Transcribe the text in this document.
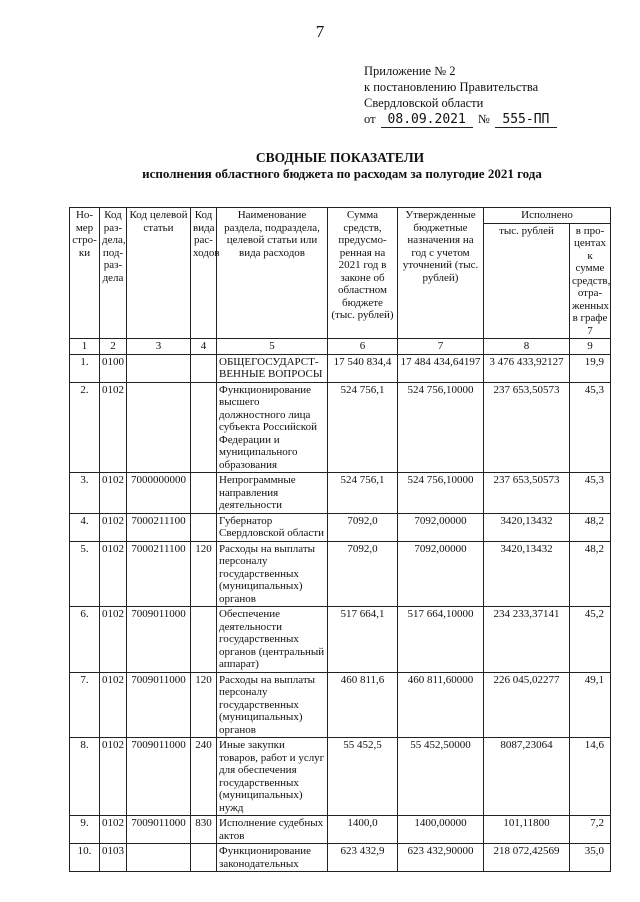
7
Приложение № 2
к постановлению Правительства
Свердловской области
от 08.09.2021 № 555-ПП
СВОДНЫЕ ПОКАЗАТЕЛИ
исполнения областного бюджета по расходам за полугодие 2021 года
Но-мер стро-ки	Код раз-дела, под-раз-дела	Код целевой статьи	Код вида рас-ходов	Наименование раздела, подраздела, целевой статьи или вида расходов	Сумма средств, предусмо-ренная на 2021 год в законе об областном бюджете (тыс. рублей)	Утвержденные бюджетные назначения на год с учетом уточнений (тыс. рублей)	Исполнено	
							тыс. рублей	в про-центах к сумме средств, отра-женных в графе 7
1	2	3	4	5	6	7	8	9
1.	0100			ОБЩЕГОСУДАРСТ-ВЕННЫЕ ВОПРОСЫ	17 540 834,4	17 484 434,64197	3 476 433,92127	19,9
2.	0102			Функционирование высшего должностного лица субъекта Российской Федерации и муниципального образования	524 756,1	524 756,10000	237 653,50573	45,3
3.	0102	7000000000		Непрограммные направления деятельности	524 756,1	524 756,10000	237 653,50573	45,3
4.	0102	7000211100		Губернатор Свердловской области	7092,0	7092,00000	3420,13432	48,2
5.	0102	7000211100	120	Расходы на выплаты персоналу государственных (муниципальных) органов	7092,0	7092,00000	3420,13432	48,2
6.	0102	7009011000		Обеспечение деятельности государственных органов (центральный аппарат)	517 664,1	517 664,10000	234 233,37141	45,2
7.	0102	7009011000	120	Расходы на выплаты персоналу государственных (муниципальных) органов	460 811,6	460 811,60000	226 045,02277	49,1
8.	0102	7009011000	240	Иные закупки товаров, работ и услуг для обеспечения государственных (муниципальных) нужд	55 452,5	55 452,50000	8087,23064	14,6
9.	0102	7009011000	830	Исполнение судебных актов	1400,0	1400,00000	101,11800	7,2
10.	0103			Функционирование законодательных	623 432,9	623 432,90000	218 072,42569	35,0
